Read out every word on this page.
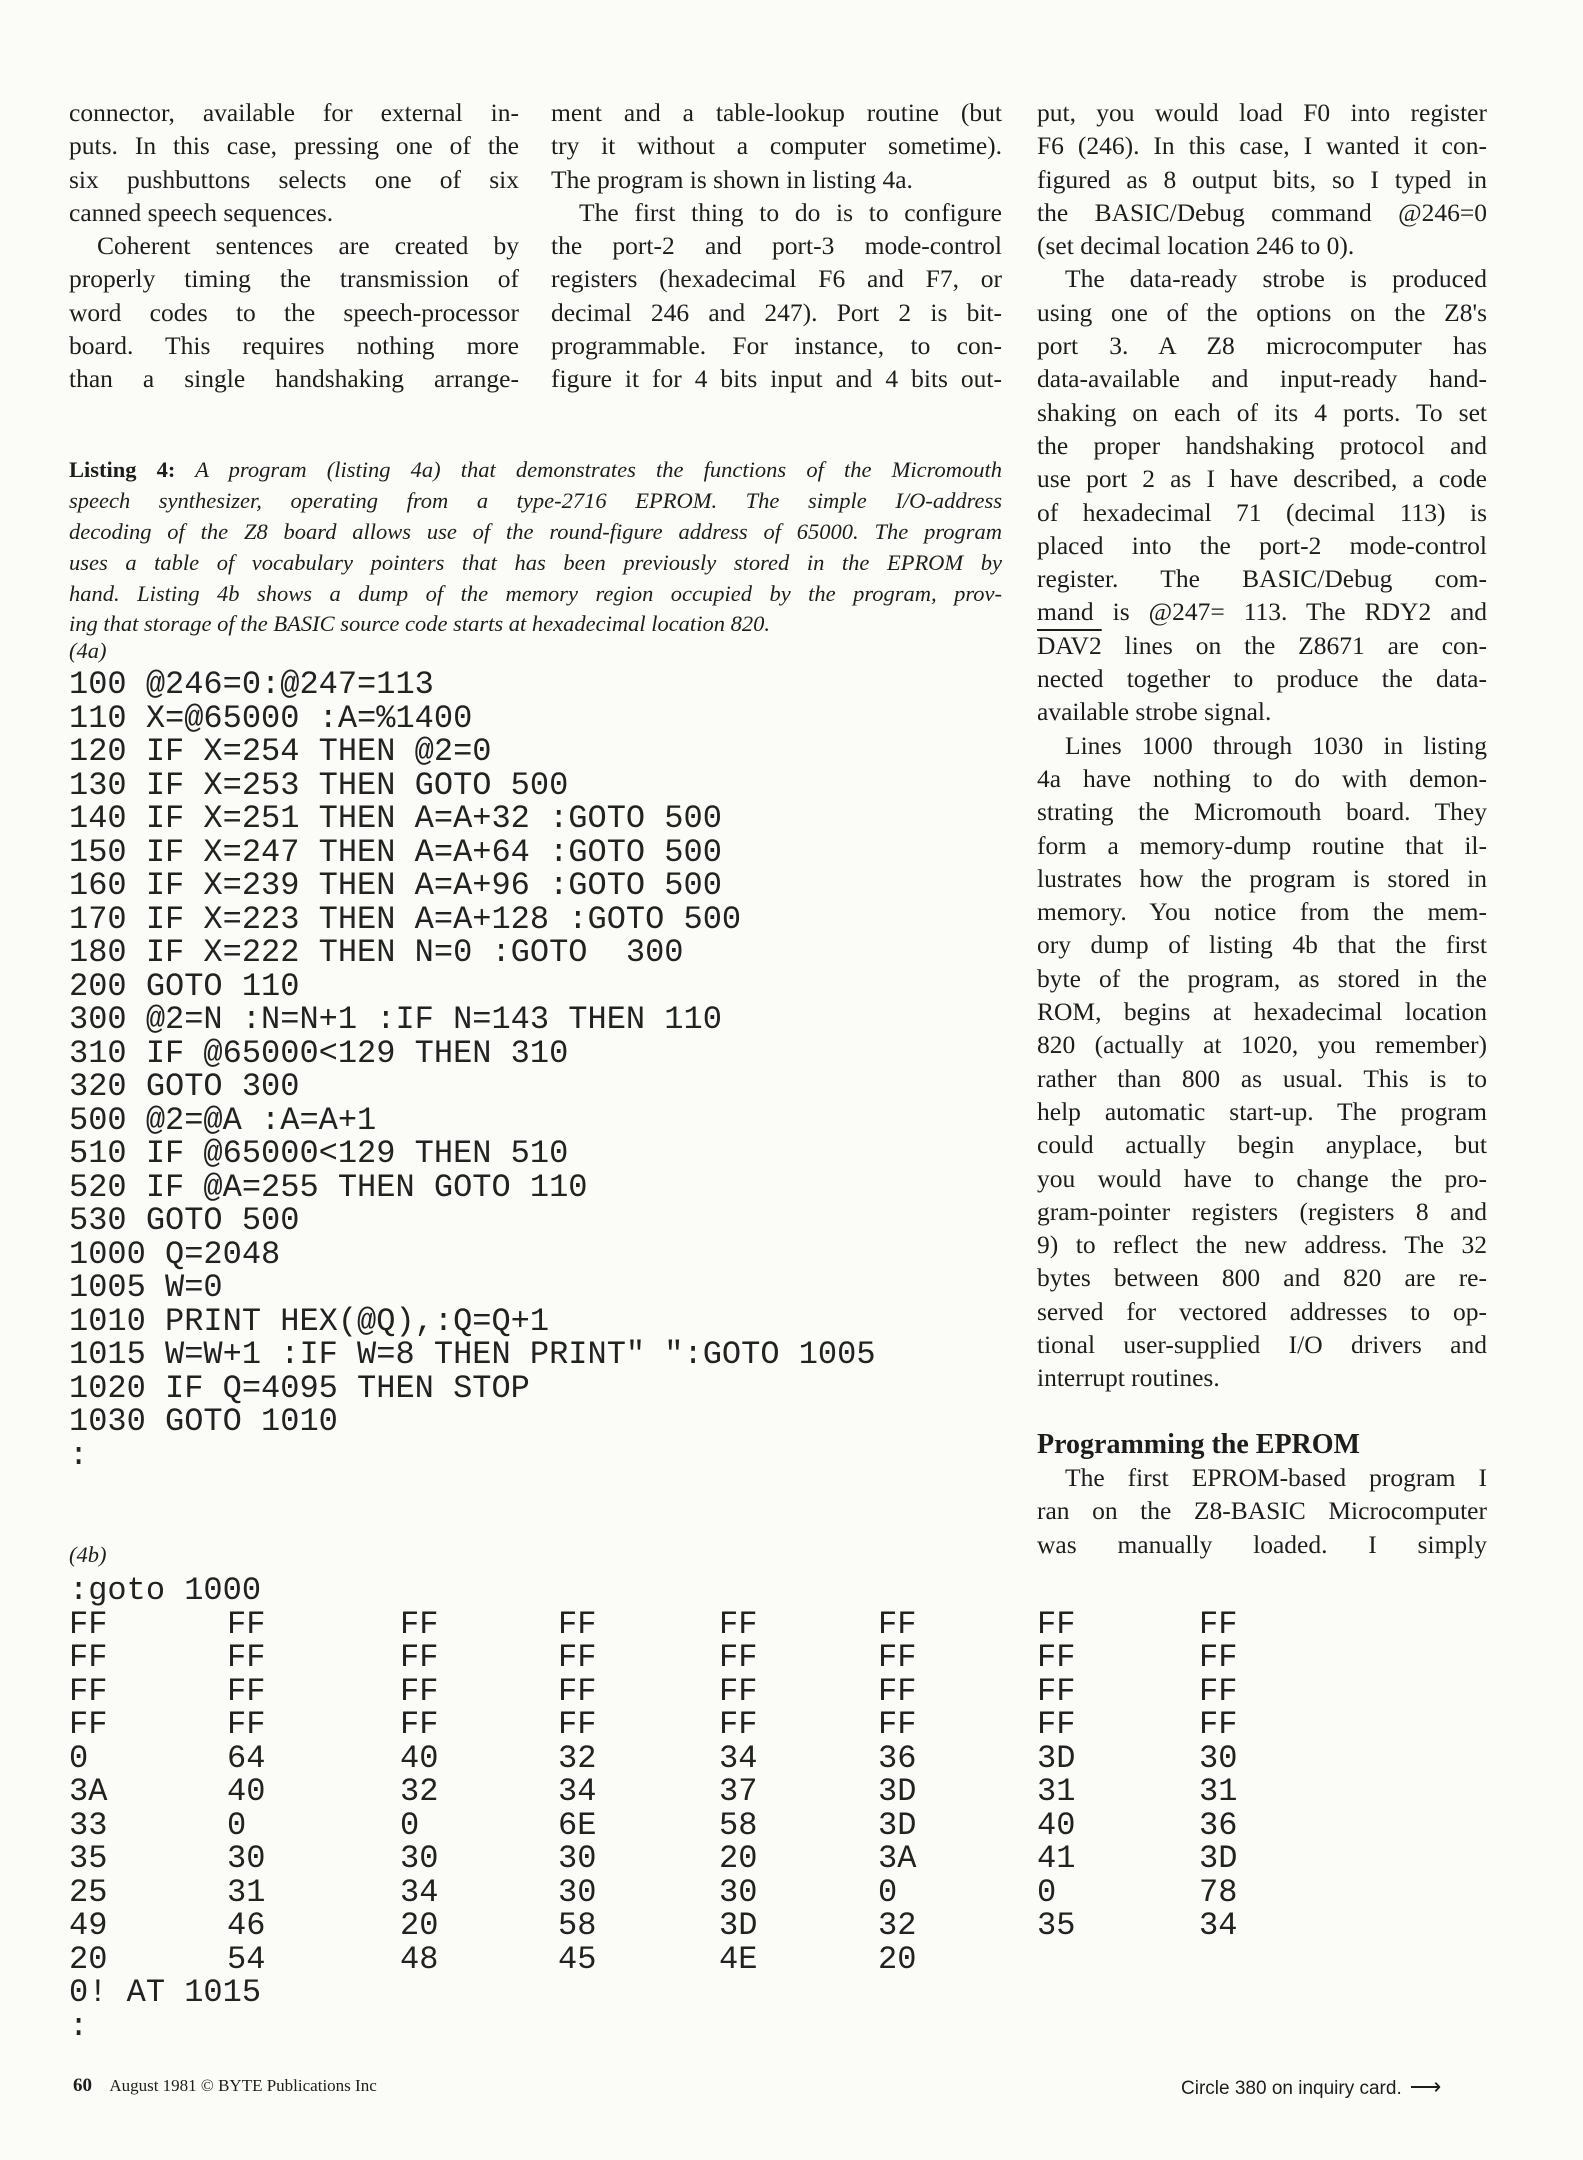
connector, available for external in-
puts. In this case, pressing one of the
six pushbuttons selects one of six
canned speech sequences.
Coherent sentences are created by
properly timing the transmission of
word codes to the speech-processor
board. This requires nothing more
than a single handshaking arrange-
ment and a table-lookup routine (but
try it without a computer sometime).
The program is shown in listing 4a.
The first thing to do is to configure
the port-2 and port-3 mode-control
registers (hexadecimal F6 and F7, or
decimal 246 and 247). Port 2 is bit-
programmable. For instance, to con-
figure it for 4 bits input and 4 bits out-
put, you would load F0 into register
F6 (246). In this case, I wanted it con-
figured as 8 output bits, so I typed in
the BASIC/Debug command @246=0
(set decimal location 246 to 0).
The data-ready strobe is produced
using one of the options on the Z8's
port 3. A Z8 microcomputer has
data-available and input-ready hand-
shaking on each of its 4 ports. To set
the proper handshaking protocol and
use port 2 as I have described, a code
of hexadecimal 71 (decimal 113) is
placed into the port-2 mode-control
register. The BASIC/Debug com-
mand is @247= 113. The RDY2 and
DAV2 lines on the Z8671 are con-
nected together to produce the data-
available strobe signal.
Lines 1000 through 1030 in listing
4a have nothing to do with demon-
strating the Micromouth board. They
form a memory-dump routine that il-
lustrates how the program is stored in
memory. You notice from the mem-
ory dump of listing 4b that the first
byte of the program, as stored in the
ROM, begins at hexadecimal location
820 (actually at 1020, you remember)
rather than 800 as usual. This is to
help automatic start-up. The program
could actually begin anyplace, but
you would have to change the pro-
gram-pointer registers (registers 8 and
9) to reflect the new address. The 32
bytes between 800 and 820 are re-
served for vectored addresses to op-
tional user-supplied I/O drivers and
interrupt routines.
Programming the EPROM
The first EPROM-based program I
ran on the Z8-BASIC Microcomputer
was manually loaded. I simply
Listing 4: A program (listing 4a) that demonstrates the functions of the Micromouth
speech synthesizer, operating from a type-2716 EPROM. The simple I/O-address
decoding of the Z8 board allows use of the round-figure address of 65000. The program
uses a table of vocabulary pointers that has been previously stored in the EPROM by
hand. Listing 4b shows a dump of the memory region occupied by the program, prov-
ing that storage of the BASIC source code starts at hexadecimal location 820.
(4a)
100 @246=0:@247=113
110 X=@65000 :A=%1400
120 IF X=254 THEN @2=0
130 IF X=253 THEN GOTO 500
140 IF X=251 THEN A=A+32 :GOTO 500
150 IF X=247 THEN A=A+64 :GOTO 500
160 IF X=239 THEN A=A+96 :GOTO 500
170 IF X=223 THEN A=A+128 :GOTO 500
180 IF X=222 THEN N=0 :GOTO  300
200 GOTO 110
300 @2=N :N=N+1 :IF N=143 THEN 110
310 IF @65000<129 THEN 310
320 GOTO 300
500 @2=@A :A=A+1
510 IF @65000<129 THEN 510
520 IF @A=255 THEN GOTO 110
530 GOTO 500
1000 Q=2048
1005 W=0
1010 PRINT HEX(@Q),:Q=Q+1
1015 W=W+1 :IF W=8 THEN PRINT" ":GOTO 1005
1020 IF Q=4095 THEN STOP
1030 GOTO 1010
:
(4b)
:goto 1000
FF	FF	FF	FF	FF	FF	FF	FF
FF	FF	FF	FF	FF	FF	FF	FF
FF	FF	FF	FF	FF	FF	FF	FF
FF	FF	FF	FF	FF	FF	FF	FF
0	64	40	32	34	36	3D	30
3A	40	32	34	37	3D	31	31
33	0	0	6E	58	3D	40	36
35	30	30	30	20	3A	41	3D
25	31	34	30	30	0	0	78
49	46	20	58	3D	32	35	34
20	54	48	45	4E	20
0! AT 1015
:
60 August 1981 © BYTE Publications Inc	Circle 380 on inquiry card. ⟶
